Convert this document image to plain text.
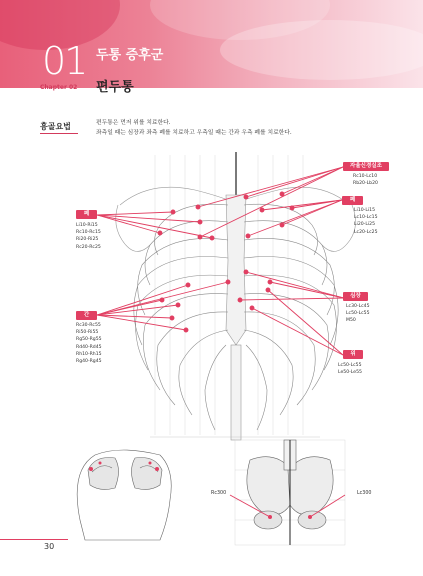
01 두통 증후군
Chapter 02 편두통
흉골요법	편두통은 먼저 위를 치료한다.
좌측일 때는 심장과 좌측 폐를 치료하고 우측일 때는 간과 우측 폐를 치료한다.
자율신경실조
Rc10-Lc10
Rb20-Lb20
폐
Li10-Ri15
Rc10-Rc15
Ri20-Ri25
Rc20-Rc25
폐
Li10-Li15
Lc10-Lc15
Li20-Li25
Lc20-Lc25
심장
Lc30-Lc45
Lc50-Lc55
M50
간
Rc30-Rc55
Ri50-Ri55
Rg50-Rg55
Rd40-Rd45
Rh10-Rh15
Rg40-Rg45
위
Lc50-Lc55
Le50-Le55
Rc300	Lc300
30
